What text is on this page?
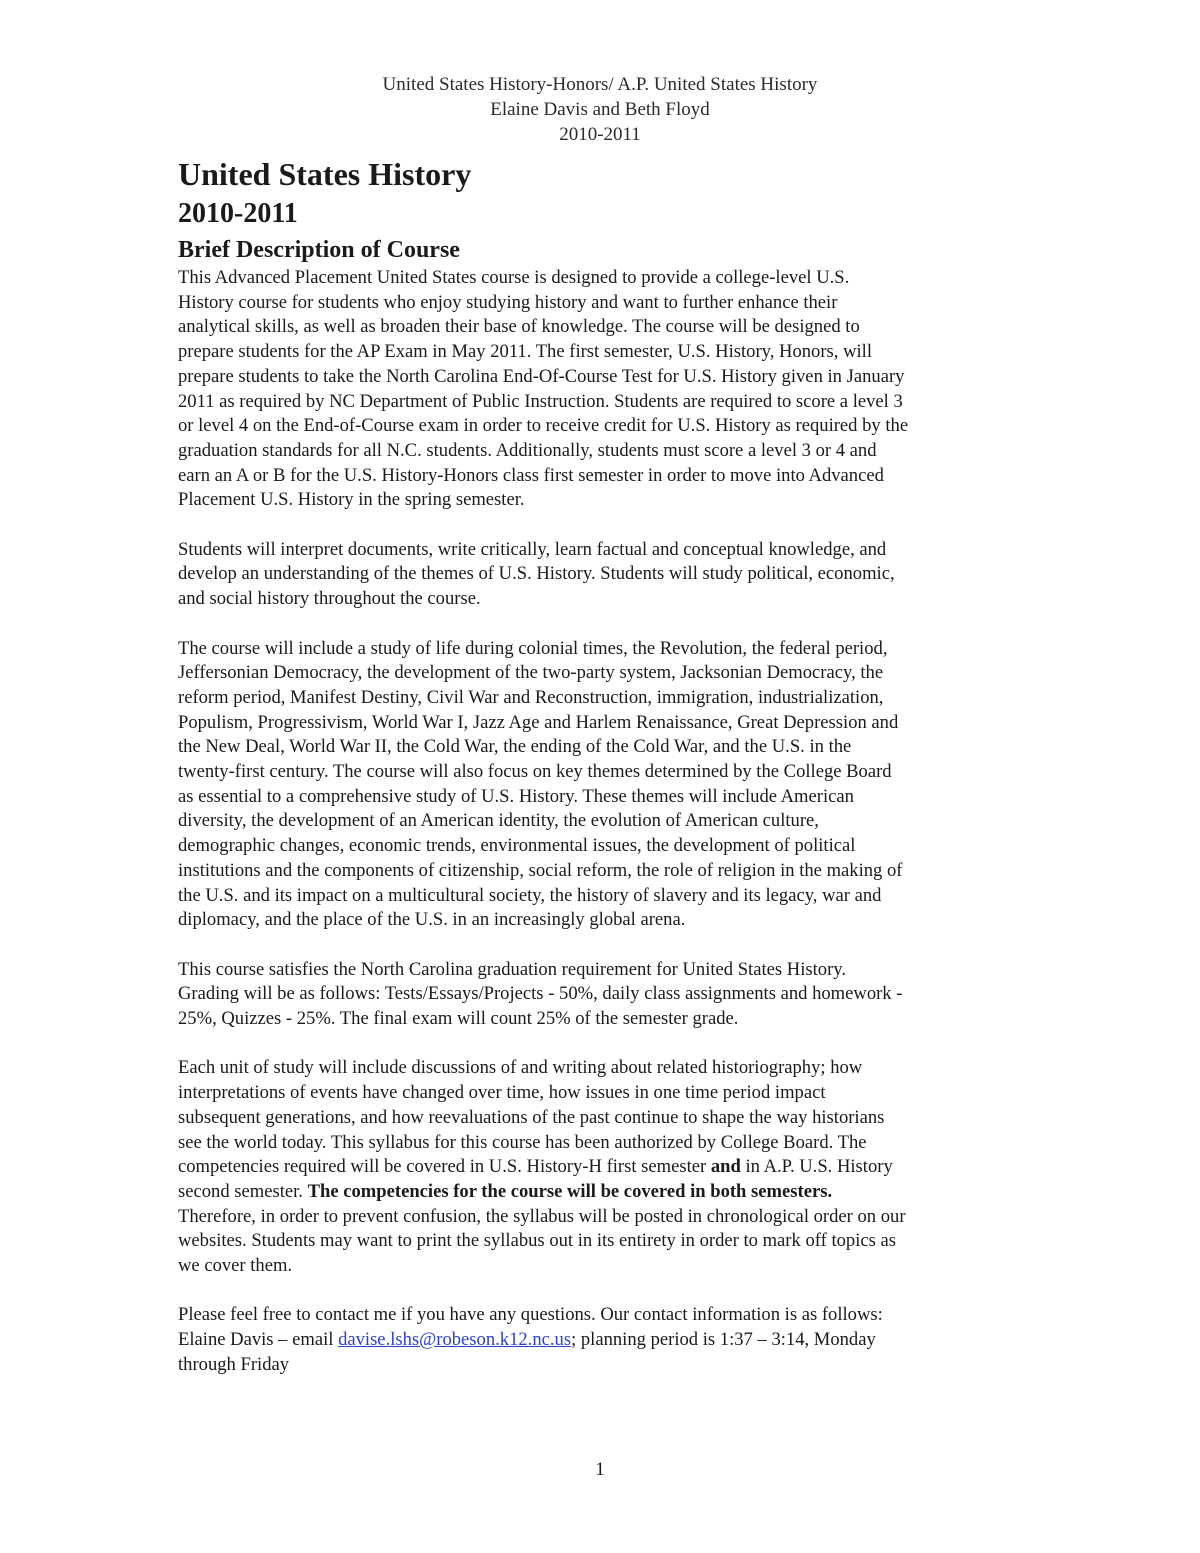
United States History-Honors/ A.P. United States History
Elaine Davis and Beth Floyd
2010-2011
United States History
2010-2011
Brief Description of Course

This Advanced Placement United States course is designed to provide a college-level U.S.
History course for students who enjoy studying history and want to further enhance their
analytical skills, as well as broaden their base of knowledge. The course will be designed to
prepare students for the AP Exam in May 2011. The first semester, U.S. History, Honors, will
prepare students to take the North Carolina End-Of-Course Test for U.S. History given in January
2011 as required by NC Department of Public Instruction. Students are required to score a level 3
or level 4 on the End-of-Course exam in order to receive credit for U.S. History as required by the
graduation standards for all N.C. students. Additionally, students must score a level 3 or 4 and
earn an A or B for the U.S. History-Honors class first semester in order to move into Advanced
Placement U.S. History in the spring semester.

Students will interpret documents, write critically, learn factual and conceptual knowledge, and
develop an understanding of the themes of U.S. History. Students will study political, economic,
and social history throughout the course.

The course will include a study of life during colonial times, the Revolution, the federal period,
Jeffersonian Democracy, the development of the two-party system, Jacksonian Democracy, the
reform period, Manifest Destiny, Civil War and Reconstruction, immigration, industrialization,
Populism, Progressivism, World War I, Jazz Age and Harlem Renaissance, Great Depression and
the New Deal, World War II, the Cold War, the ending of the Cold War, and the U.S. in the
twenty-first century. The course will also focus on key themes determined by the College Board
as essential to a comprehensive study of U.S. History. These themes will include American
diversity, the development of an American identity, the evolution of American culture,
demographic changes, economic trends, environmental issues, the development of political
institutions and the components of citizenship, social reform, the role of religion in the making of
the U.S. and its impact on a multicultural society, the history of slavery and its legacy, war and
diplomacy, and the place of the U.S. in an increasingly global arena.

This course satisfies the North Carolina graduation requirement for United States History.
Grading will be as follows: Tests/Essays/Projects - 50%, daily class assignments and homework -
25%, Quizzes - 25%. The final exam will count 25% of the semester grade.

Each unit of study will include discussions of and writing about related historiography; how
interpretations of events have changed over time, how issues in one time period impact
subsequent generations, and how reevaluations of the past continue to shape the way historians
see the world today. This syllabus for this course has been authorized by College Board. The
competencies required will be covered in U.S. History-H first semester and in A.P. U.S. History
second semester. The competencies for the course will be covered in both semesters.
Therefore, in order to prevent confusion, the syllabus will be posted in chronological order on our
websites. Students may want to print the syllabus out in its entirety in order to mark off topics as
we cover them.

Please feel free to contact me if you have any questions. Our contact information is as follows:
Elaine Davis – email davise.lshs@robeson.k12.nc.us; planning period is 1:37 – 3:14, Monday
through Friday

1
